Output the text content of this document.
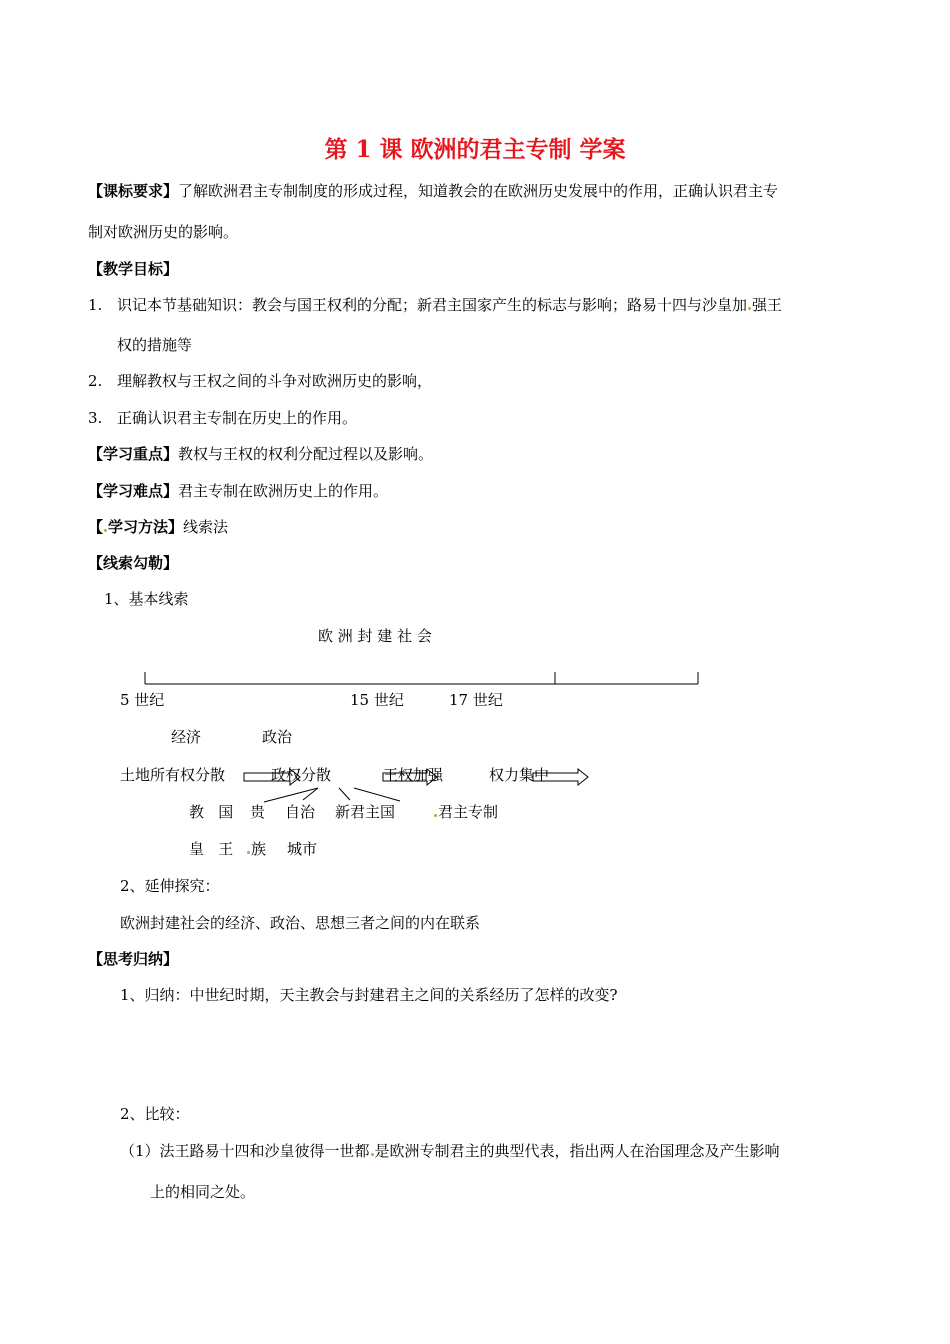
第 1 课 欧洲的君主专制 学案
【课标要求】了解欧洲君主专制制度的形成过程，知道教会的在欧洲历史发展中的作用，正确认识君主专
制对欧洲历史的影响。
【教学目标】
1. 识记本节基础知识：教会与国王权利的分配；新君主国家产生的标志与影响；路易十四与沙皇加 强王
权的措施等
2. 理解教权与王权之间的斗争对欧洲历史的影响，
3. 正确认识君主专制在历史上的作用。
【学习重点】教权与王权的权利分配过程以及影响。
【学习难点】君主专制在欧洲历史上的作用。
【 学习方法】线索法
【线索勾勒】
1、基本线索
欧 洲 封 建 社 会
5 世纪	15 世纪	17 世纪
经济	政治
土地所有权分散	政权分散	王权加强	权力集中
教   国 贵 自治 新君主国	君主专制
皇   王	族 城市
2、延伸探究：
欧洲封建社会的经济、政治、思想三者之间的内在联系
【思考归纳】
1、归纳：中世纪时期，天主教会与封建君主之间的关系经历了怎样的改变?
2、比较：
（1）法王路易十四和沙皇彼得一世都 是欧洲专制君主的典型代表，指出两人在治国理念及产生影响
上的相同之处。
